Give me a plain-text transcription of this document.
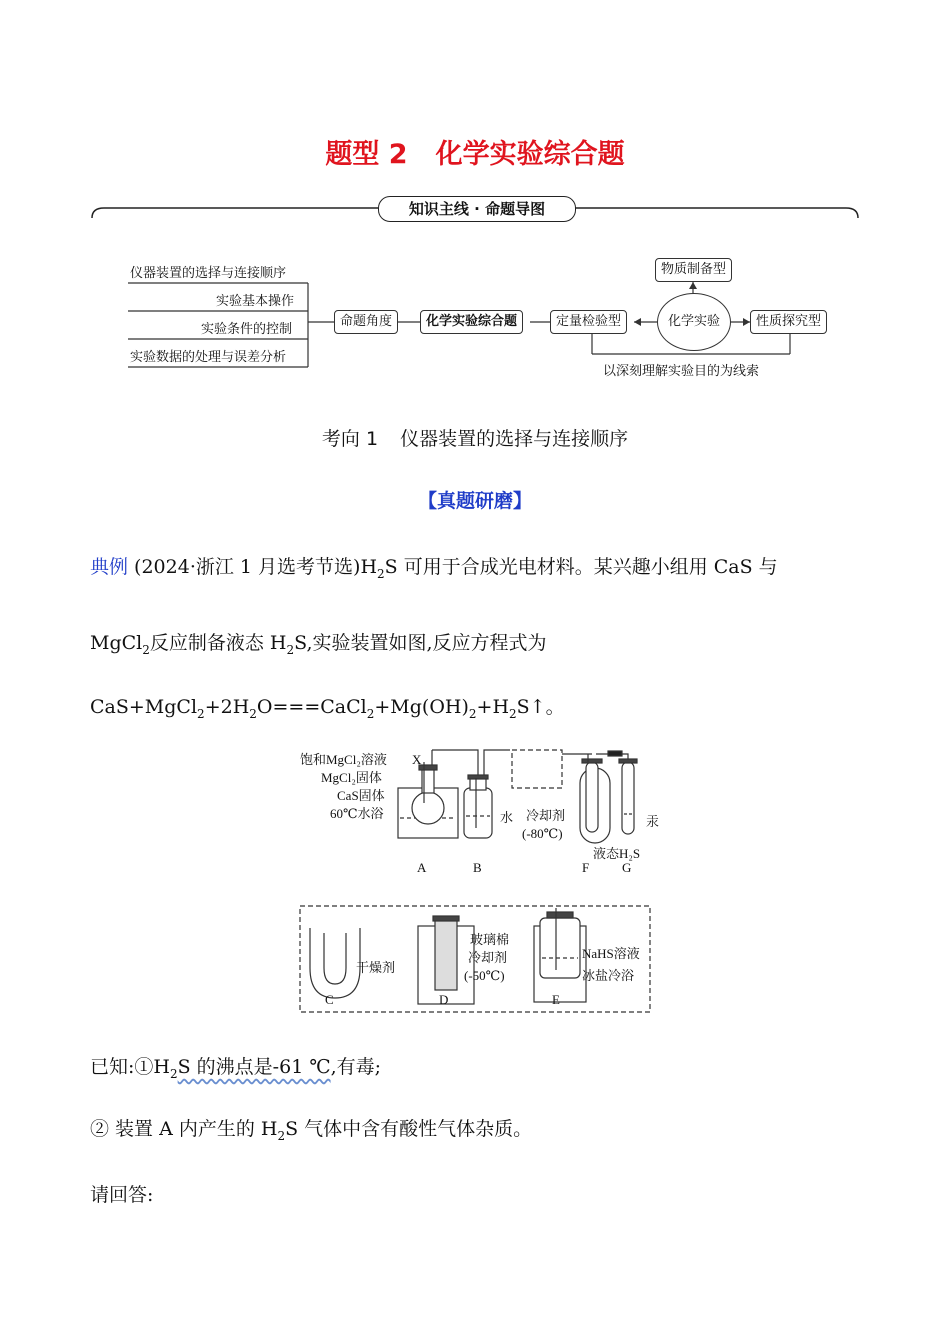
题型 2 化学实验综合题
知识主线 · 命题导图
仪器装置的选择与连接顺序
实验基本操作
实验条件的控制
实验数据的处理与误差分析
命题角度	化学实验综合题	定量检验型	化学实验
物质制备型
性质探究型
以深刻理解实验目的为线索
考向 1 仪器装置的选择与连接顺序
【真题研磨】
典例 (2024·浙江 1 月选考节选)$H_2S$ 可用于合成光电材料。某兴趣小组用 CaS 与
MgCl$_2$反应制备液态 $H_2S$,实验装置如图,反应方程式为
$CaS+MgCl_2+2H_2O===CaCl_2+Mg(OH)_2+H_2S↑$。
饱和MgCl₂溶液 X
MgCl₂固体
CaS固体
60℃水浴	水 冷却剂
(-80℃)
汞
液态H₂S
A	B	F	G
干燥剂
玻璃棉
冷却剂
(-50℃)
NaHS溶液
冰盐冷浴
C	D	E
已知$:①H_2S$ 的沸点是-61 ℃,有毒;
② 装置 A 内产生的 $H_2S$ 气体中含有酸性气体杂质。
请回答:
